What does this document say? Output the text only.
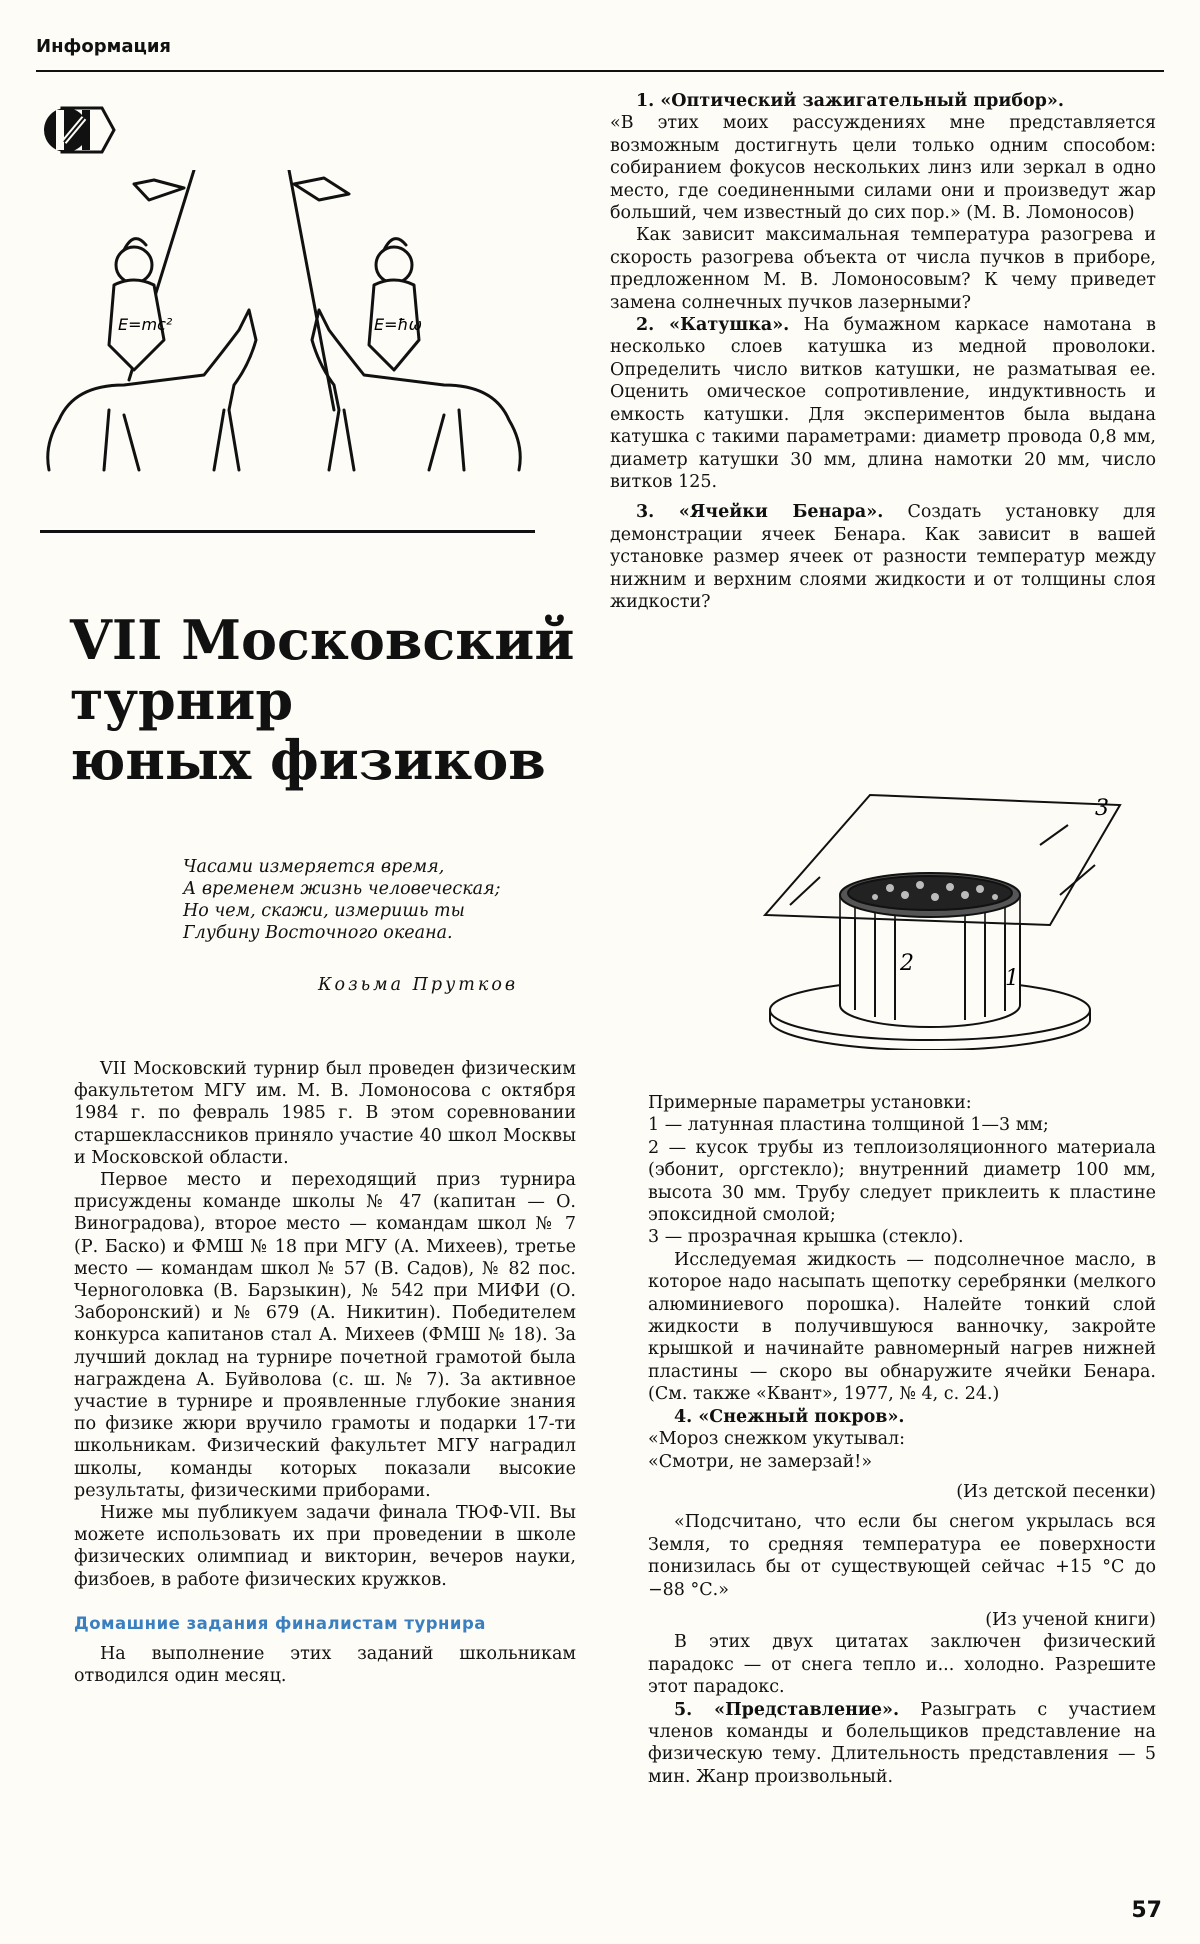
Информация
E=mc²	E=ħω
VII Московский
турнир
юных физиков
Часами измеряется время,
А временем жизнь человеческая;
Но чем, скажи, измеришь ты
Глубину Восточного океана.
Козьма Прутков

VII Московский турнир был проведен физическим факультетом МГУ им. М. В. Ломоносова с октября 1984 г. по февраль 1985 г. В этом соревновании старшеклассников приняло участие 40 школ Москвы и Московской области.

Первое место и переходящий приз турнира присуждены команде школы № 47 (капитан — О. Виноградова), второе место — командам школ № 7 (Р. Баско) и ФМШ № 18 при МГУ (А. Михеев), третье место — командам школ № 57 (В. Садов), № 82 пос. Черноголовка (В. Барзыкин), № 542 при МИФИ (О. Заборонский) и № 679 (А. Никитин). Победителем конкурса капитанов стал А. Михеев (ФМШ № 18). За лучший доклад на турнире почетной грамотой была награждена А. Буйволова (с. ш. № 7). За активное участие в турнире и проявленные глубокие знания по физике жюри вручило грамоты и подарки 17-ти школьникам. Физический факультет МГУ наградил школы, команды которых показали высокие результаты, физическими приборами.

Ниже мы публикуем задачи финала ТЮФ-VII. Вы можете использовать их при проведении в школе физических олимпиад и викторин, вечеров науки, физбоев, в работе физических кружков.

Домашние задания финалистам турнира

На выполнение этих заданий школьникам отводился один месяц.

1. «Оптический зажигательный прибор».

«В этих моих рассуждениях мне представляется возможным достигнуть цели только одним способом: собиранием фокусов нескольких линз или зеркал в одно место, где соединенными силами они и произведут жар больший, чем известный до сих пор.» (М. В. Ломоносов)

Как зависит максимальная температура разогрева и скорость разогрева объекта от числа пучков в приборе, предложенном М. В. Ломоносовым? К чему приведет замена солнечных пучков лазерными?

2. «Катушка». На бумажном каркасе намотана в несколько слоев катушка из медной проволоки. Определить число витков катушки, не разматывая ее. Оценить омическое сопротивление, индуктивность и емкость катушки. Для экспериментов была выдана катушка с такими параметрами: диаметр провода 0,8 мм, диаметр катушки 30 мм, длина намотки 20 мм, число витков 125.

3. «Ячейки Бенара». Создать установку для демонстрации ячеек Бенара. Как зависит в вашей установке размер ячеек от разности температур между нижним и верхним слоями жидкости и от толщины слоя жидкости?

3
2
1

Примерные параметры установки:

1 — латунная пластина толщиной 1—3 мм;

2 — кусок трубы из теплоизоляционного материала (эбонит, оргстекло); внутренний диаметр 100 мм, высота 30 мм. Трубу следует приклеить к пластине эпоксидной смолой;

3 — прозрачная крышка (стекло).

Исследуемая жидкость — подсолнечное масло, в которое надо насыпать щепотку серебрянки (мелкого алюминиевого порошка). Налейте тонкий слой жидкости в получившуюся ванночку, закройте крышкой и начинайте равномерный нагрев нижней пластины — скоро вы обнаружите ячейки Бенара. (См. также «Квант», 1977, № 4, с. 24.)

4. «Снежный покров».

«Мороз снежком укутывал:

«Смотри, не замерзай!»

(Из детской песенки)

«Подсчитано, что если бы снегом укрылась вся Земля, то средняя температура ее поверхности понизилась бы от существующей сейчас +15 °С до −88 °С.»

(Из ученой книги)

В этих двух цитатах заключен физический парадокс — от снега тепло и... холодно. Разрешите этот парадокс.

5. «Представление». Разыграть с участием членов команды и болельщиков представление на физическую тему. Длительность представления — 5 мин. Жанр произвольный.

57
